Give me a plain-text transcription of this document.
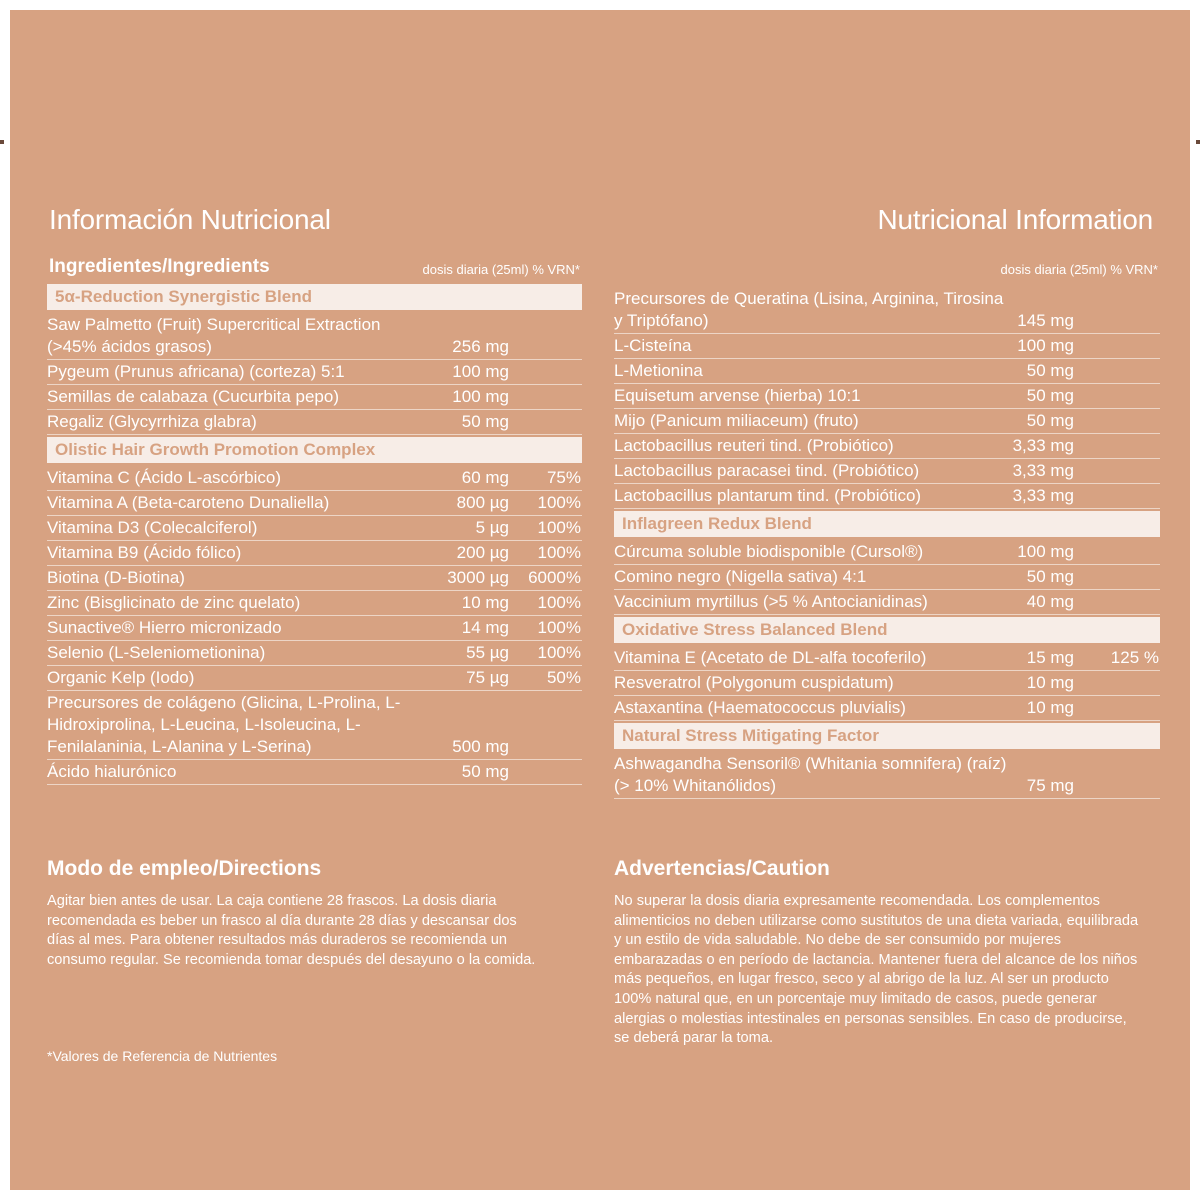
Información Nutricional	Nutricional Information
Ingredientes/Ingredients	dosis diaria (25ml) % VRN*
5α-Reduction Synergistic Blend
Saw Palmetto (Fruit) Supercritical Extraction (>45% ácidos grasos)	256 mg
Pygeum (Prunus africana) (corteza) 5:1	100 mg
Semillas de calabaza (Cucurbita pepo)	100 mg
Regaliz (Glycyrrhiza glabra)	50 mg
Olistic Hair Growth Promotion Complex
Vitamina C (Ácido L-ascórbico)	60 mg 75%
Vitamina A (Beta-caroteno Dunaliella)	800 µg 100%
Vitamina D3 (Colecalciferol)	5 µg 100%
Vitamina B9 (Ácido fólico)	200 µg 100%
Biotina (D-Biotina)	3000 µg 6000%
Zinc (Bisglicinato de zinc quelato)	10 mg 100%
Sunactive® Hierro micronizado	14 mg 100%
Selenio (L-Seleniometionina)	55 µg 100%
Organic Kelp (Iodo)	75 µg 50%
Precursores de colágeno (Glicina, L-Prolina, L-Hidroxiprolina, L-Leucina, L-Isoleucina, L-Fenilalaninia, L-Alanina y L-Serina)	500 mg
Ácido hialurónico	50 mg
dosis diaria (25ml) % VRN*
Precursores de Queratina (Lisina, Arginina, Tirosina y Triptófano)	145 mg
L-Cisteína	100 mg
L-Metionina	50 mg
Equisetum arvense (hierba) 10:1	50 mg
Mijo (Panicum miliaceum) (fruto)	50 mg
Lactobacillus reuteri tind. (Probiótico)	3,33 mg
Lactobacillus paracasei tind. (Probiótico)	3,33 mg
Lactobacillus plantarum tind. (Probiótico)	3,33 mg
Inflagreen Redux Blend
Cúrcuma soluble biodisponible (Cursol®)	100 mg
Comino negro (Nigella sativa) 4:1	50 mg
Vaccinium myrtillus (>5 % Antocianidinas)	40 mg
Oxidative Stress Balanced Blend
Vitamina E (Acetato de DL-alfa tocoferilo)	15 mg 125 %
Resveratrol (Polygonum cuspidatum)	10 mg
Astaxantina (Haematococcus pluvialis)	10 mg
Natural Stress Mitigating Factor
Ashwagandha Sensoril® (Whitania somnifera) (raíz) (> 10% Whitanólidos)	75 mg
Modo de empleo/Directions
Agitar bien antes de usar. La caja contiene 28 frascos. La dosis diaria recomendada es beber un frasco al día durante 28 días y descansar dos días al mes. Para obtener resultados más duraderos se recomienda un consumo regular. Se recomienda tomar después del desayuno o la comida.
Advertencias/Caution
No superar la dosis diaria expresamente recomendada. Los complementos alimenticios no deben utilizarse como sustitutos de una dieta variada, equilibrada y un estilo de vida saludable. No debe de ser consumido por mujeres embarazadas o en período de lactancia. Mantener fuera del alcance de los niños más pequeños, en lugar fresco, seco y al abrigo de la luz. Al ser un producto 100% natural que, en un porcentaje muy limitado de casos, puede generar alergias o molestias intestinales en personas sensibles. En caso de producirse, se deberá parar la toma.
*Valores de Referencia de Nutrientes
